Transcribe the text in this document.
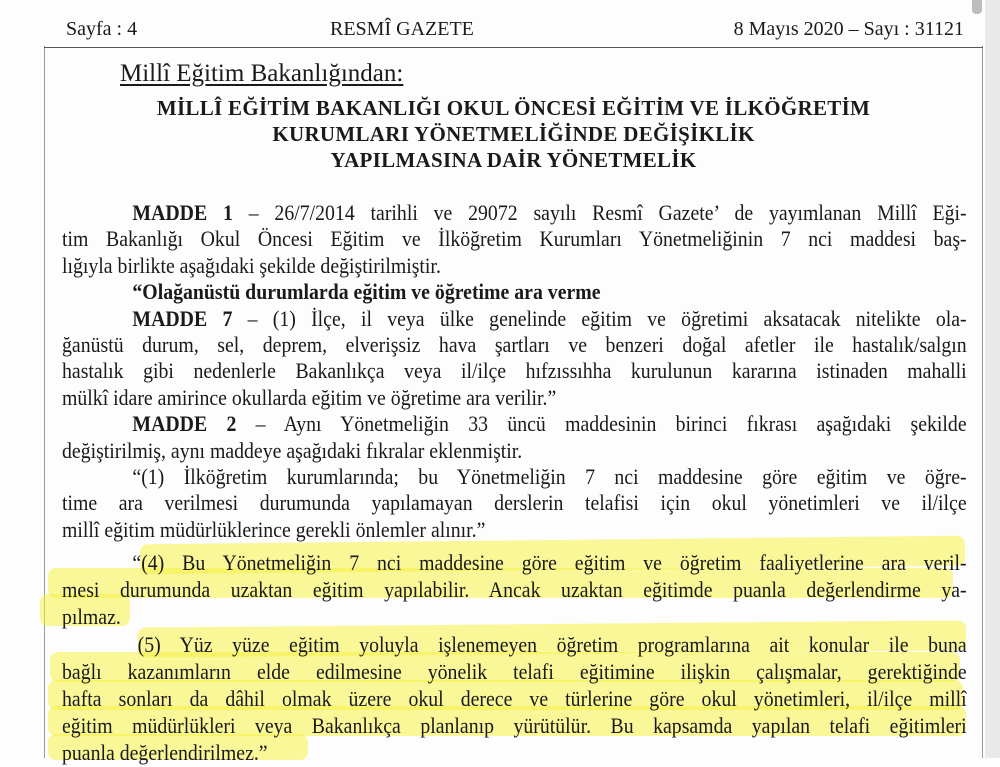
Sayfa : 4	RESMÎ GAZETE	8 Mayıs 2020 – Sayı : 31121
Millî Eğitim Bakanlığından:
MİLLÎ EĞİTİM BAKANLIĞI OKUL ÖNCESİ EĞİTİM VE İLKÖĞRETİM
KURUMLARI YÖNETMELİĞİNDE DEĞİŞİKLİK
YAPILMASINA DAİR YÖNETMELİK
MADDE 1 – 26/7/2014 tarihli ve 29072 sayılı Resmî Gazete’ de yayımlanan Millî Eği-
tim Bakanlığı Okul Öncesi Eğitim ve İlköğretim Kurumları Yönetmeliğinin 7 nci maddesi baş-
lığıyla birlikte aşağıdaki şekilde değiştirilmiştir.
“Olağanüstü durumlarda eğitim ve öğretime ara verme
MADDE 7 – (1) İlçe, il veya ülke genelinde eğitim ve öğretimi aksatacak nitelikte ola-
ğanüstü durum, sel, deprem, elverişsiz hava şartları ve benzeri doğal afetler ile hastalık/salgın
hastalık gibi nedenlerle Bakanlıkça veya il/ilçe hıfzıssıhha kurulunun kararına istinaden mahalli
mülkî idare amirince okullarda eğitim ve öğretime ara verilir.”
MADDE 2 – Aynı Yönetmeliğin 33 üncü maddesinin birinci fıkrası aşağıdaki şekilde
değiştirilmiş, aynı maddeye aşağıdaki fıkralar eklenmiştir.
“(1) İlköğretim kurumlarında; bu Yönetmeliğin 7 nci maddesine göre eğitim ve öğre-
time ara verilmesi durumunda yapılamayan derslerin telafisi için okul yönetimleri ve il/ilçe
millî eğitim müdürlüklerince gerekli önlemler alınır.”
“(4) Bu Yönetmeliğin 7 nci maddesine göre eğitim ve öğretim faaliyetlerine ara veril-
mesi durumunda uzaktan eğitim yapılabilir. Ancak uzaktan eğitimde puanla değerlendirme ya-
pılmaz.
(5) Yüz yüze eğitim yoluyla işlenemeyen öğretim programlarına ait konular ile buna
bağlı kazanımların elde edilmesine yönelik telafi eğitimine ilişkin çalışmalar, gerektiğinde
hafta sonları da dâhil olmak üzere okul derece ve türlerine göre okul yönetimleri, il/ilçe millî
eğitim müdürlükleri veya Bakanlıkça planlanıp yürütülür. Bu kapsamda yapılan telafi eğitimleri
puanla değerlendirilmez.”
